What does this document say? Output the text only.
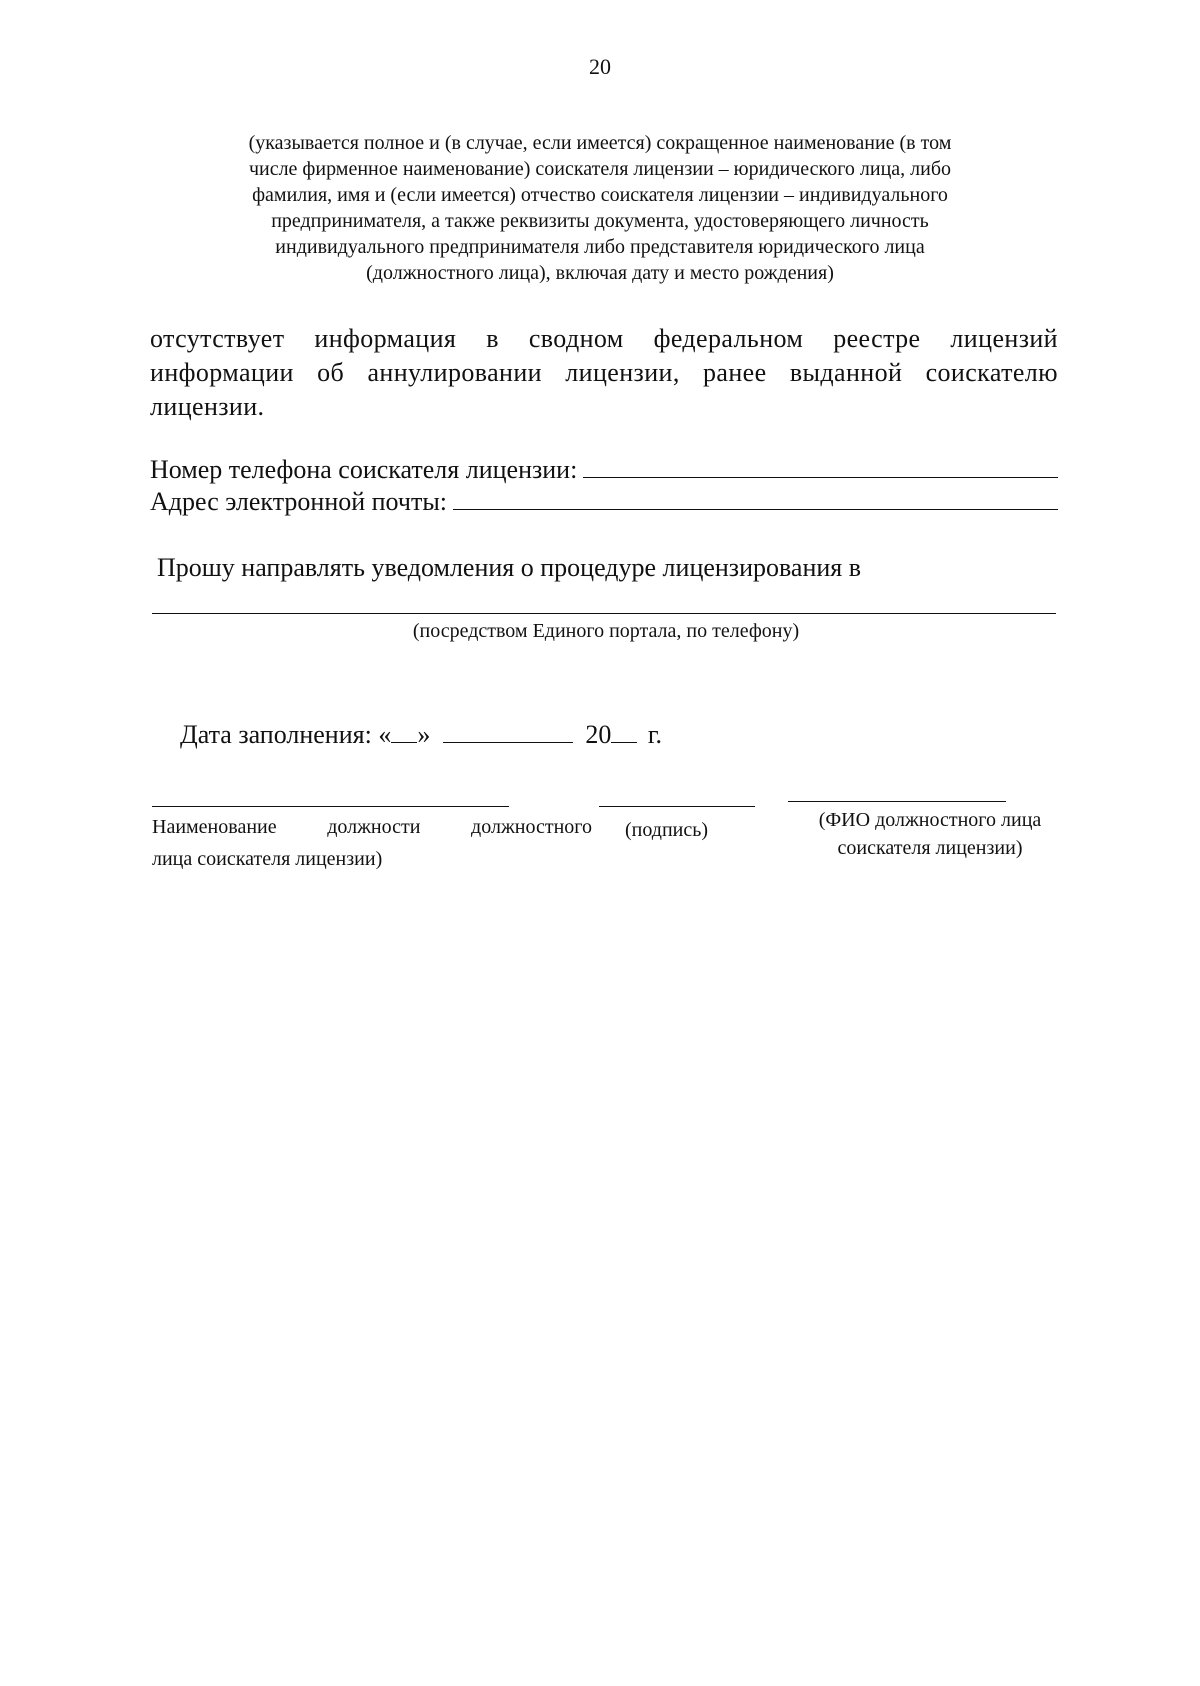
20
(указывается полное и (в случае, если имеется) сокращенное наименование (в том
числе фирменное наименование) соискателя лицензии – юридического лица, либо
фамилия, имя и (если имеется) отчество соискателя лицензии – индивидуального
предпринимателя, а также реквизиты документа, удостоверяющего личность
индивидуального предпринимателя либо представителя юридического лица
(должностного лица), включая дату и место рождения)
отсутствует информация в сводном федеральном реестре лицензий информации об аннулировании лицензии, ранее выданной соискателю лицензии.
Номер телефона соискателя лицензии:
Адрес электронной почты:
Прошу направлять уведомления о процедуре лицензирования в
(посредством Единого портала, по телефону)
Дата заполнения: « »	20 г.
Наименование должности должностного
лица соискателя лицензии)
(подпись)	(ФИО должностного лица
соискателя лицензии)
